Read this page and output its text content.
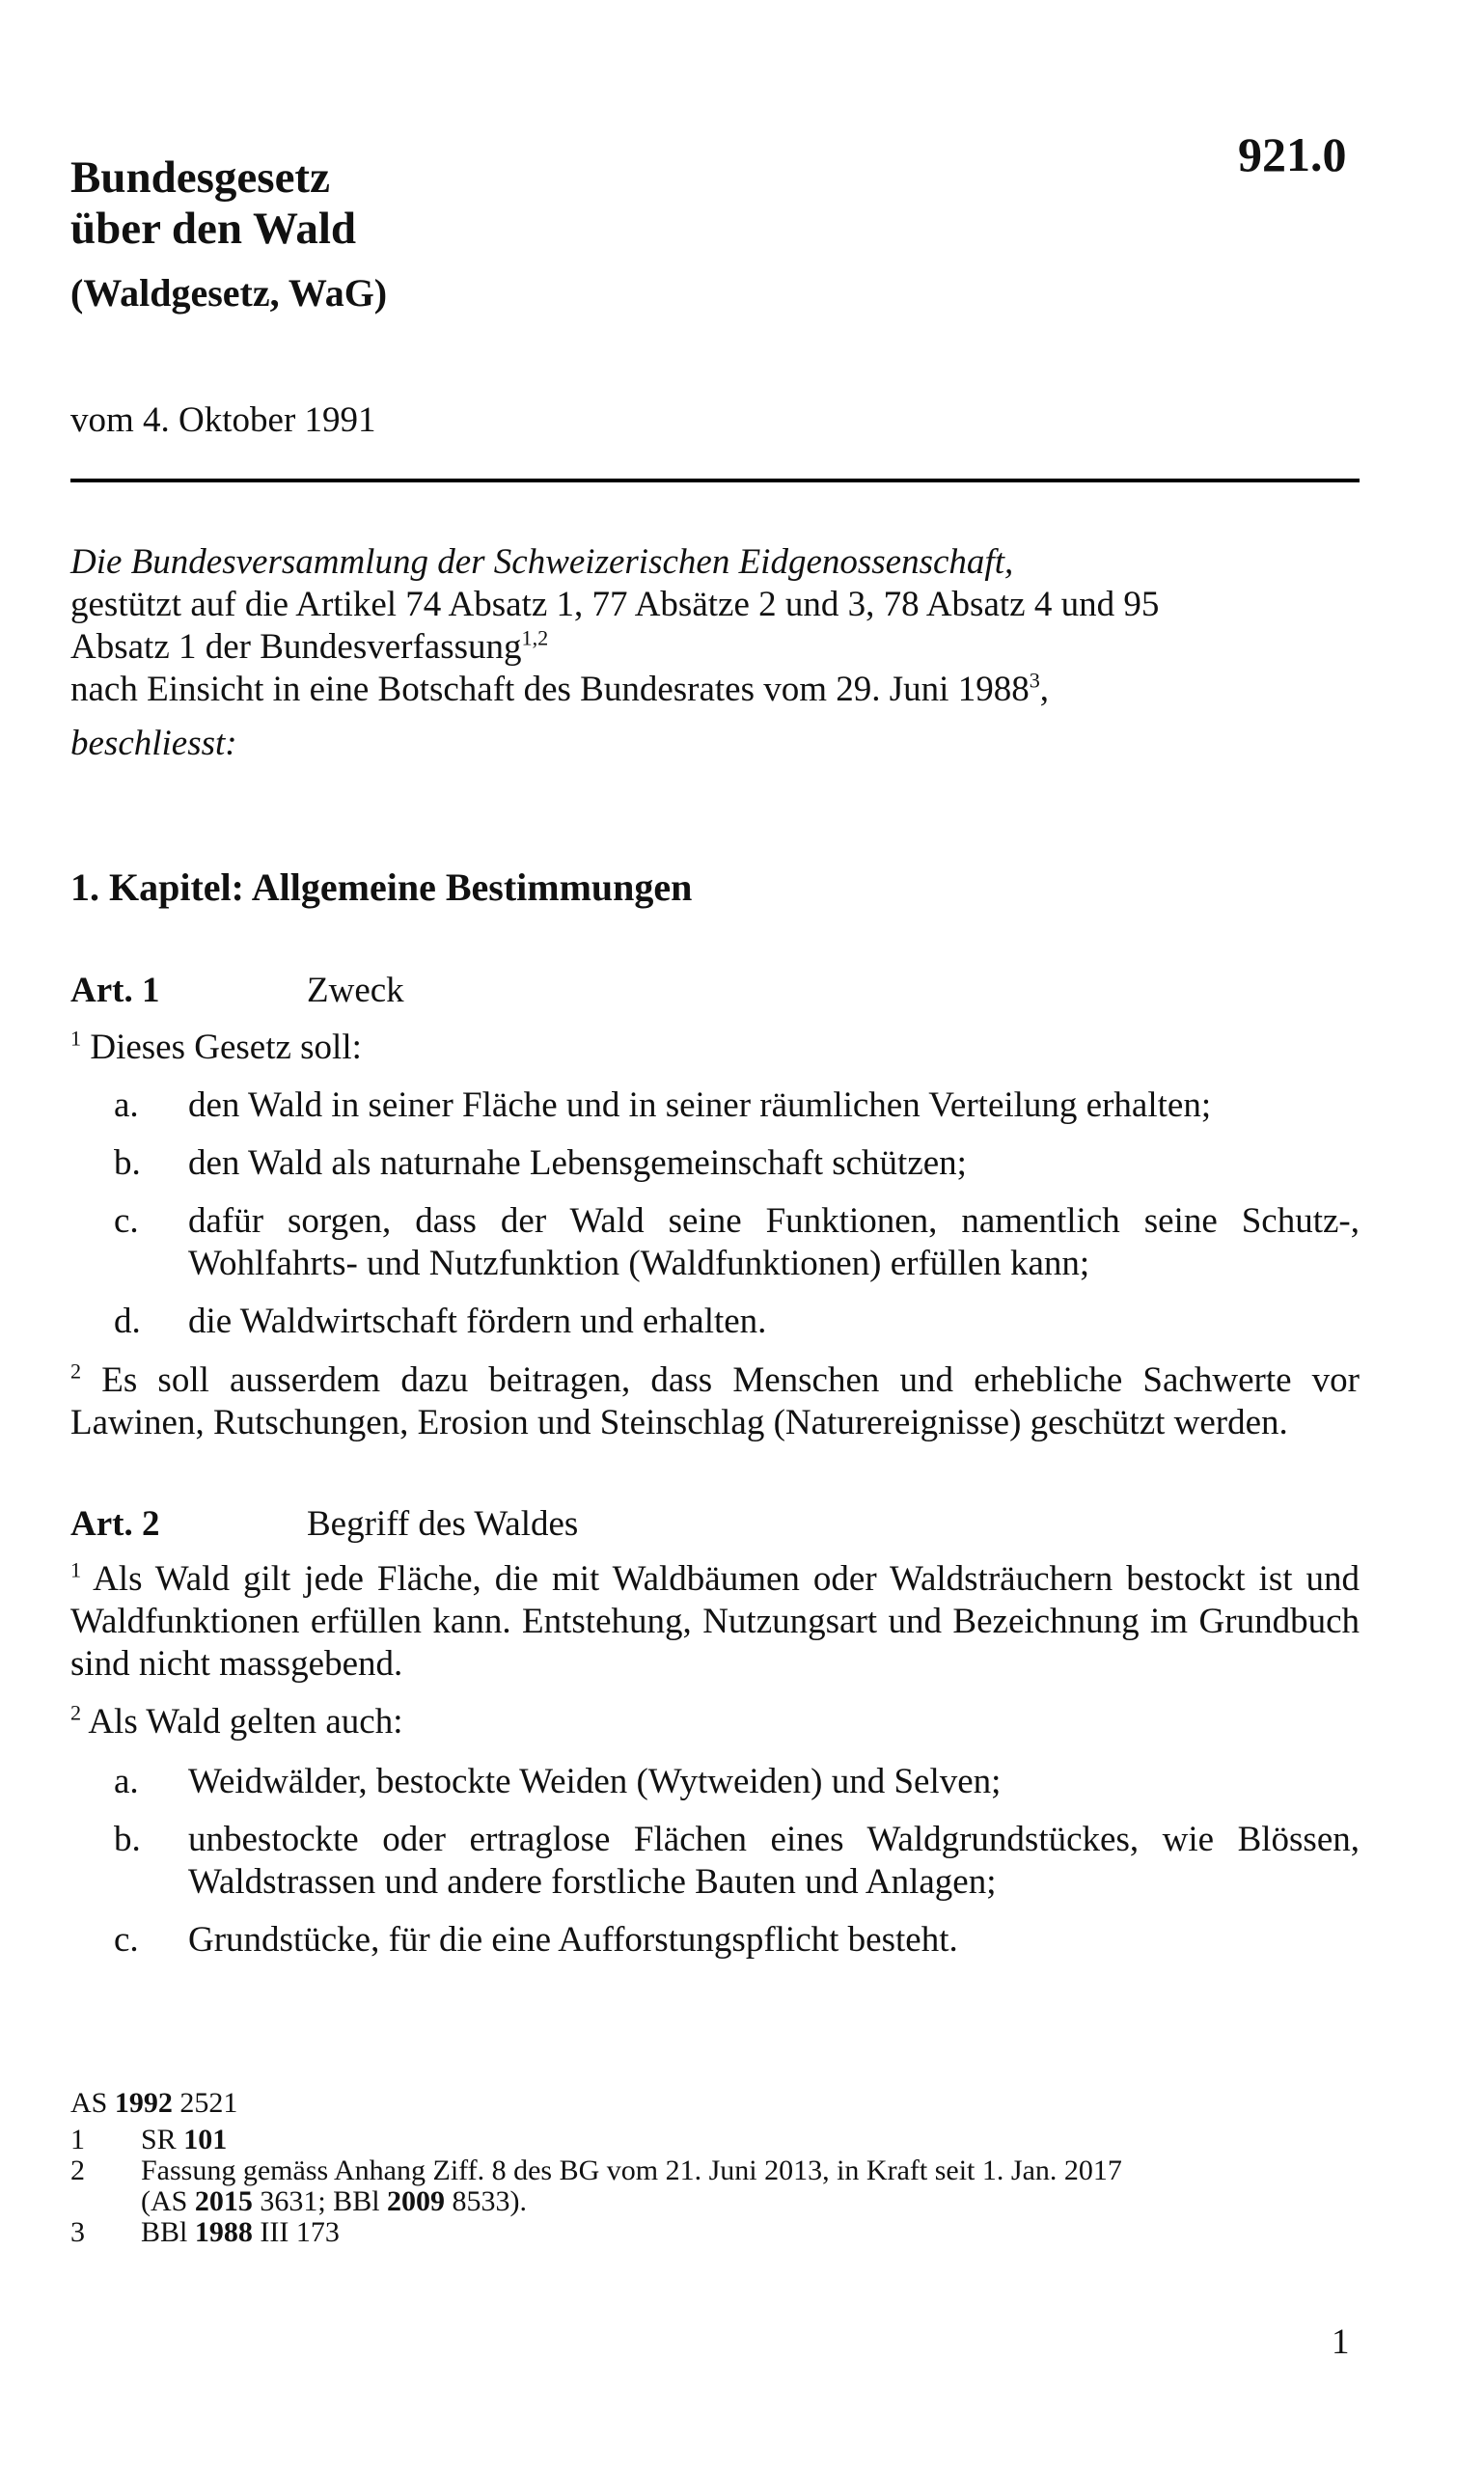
921.0
Bundesgesetz
über den Wald
(Waldgesetz, WaG)
vom 4. Oktober 1991
Die Bundesversammlung der Schweizerischen Eidgenossenschaft,
gestützt auf die Artikel 74 Absatz 1, 77 Absätze 2 und 3, 78 Absatz 4 und 95
Absatz 1 der Bundesverfassung$^{1,2}$
nach Einsicht in eine Botschaft des Bundesrates vom 29. Juni 1988$^3$,
beschliesst:
1. Kapitel: Allgemeine Bestimmungen
Art. 1	Zweck
$^1$ Dieses Gesetz soll:
a.	den Wald in seiner Fläche und in seiner räumlichen Verteilung erhalten;
b.	den Wald als naturnahe Lebensgemeinschaft schützen;
c.	dafür sorgen, dass der Wald seine Funktionen, namentlich seine Schutz-, Wohlfahrts- und Nutzfunktion (Waldfunktionen) erfüllen kann;
d.	die Waldwirtschaft fördern und erhalten.
$^2$ Es soll ausserdem dazu beitragen, dass Menschen und erhebliche Sachwerte vor Lawinen, Rutschungen, Erosion und Steinschlag (Naturereignisse) geschützt werden.
Art. 2	Begriff des Waldes
$^1$ Als Wald gilt jede Fläche, die mit Waldbäumen oder Waldsträuchern bestockt ist und Waldfunktionen erfüllen kann. Entstehung, Nutzungsart und Bezeichnung im Grundbuch sind nicht massgebend.
$^2$ Als Wald gelten auch:
a.	Weidwälder, bestockte Weiden (Wytweiden) und Selven;
b.	unbestockte oder ertraglose Flächen eines Waldgrundstückes, wie Blössen, Waldstrassen und andere forstliche Bauten und Anlagen;
c.	Grundstücke, für die eine Aufforstungspflicht besteht.
AS 1992 2521
1	SR 101
2	Fassung gemäss Anhang Ziff. 8 des BG vom 21. Juni 2013, in Kraft seit 1. Jan. 2017
(AS 2015 3631; BBl 2009 8533).
3	BBl 1988 III 173
1
